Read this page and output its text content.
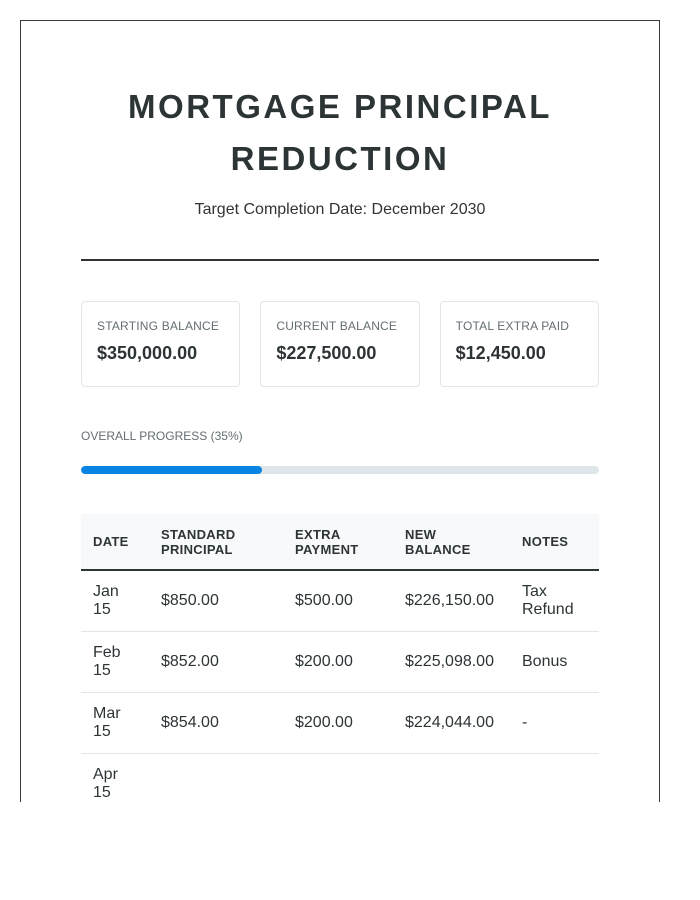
MORTGAGE PRINCIPAL REDUCTION
Target Completion Date: December 2030
STARTING BALANCE
$350,000.00
CURRENT BALANCE
$227,500.00
TOTAL EXTRA PAID
$12,450.00
OVERALL PROGRESS (35%)
DATE	STANDARD PRINCIPAL	EXTRA PAYMENT	NEW BALANCE	NOTES
Jan 15	$850.00	$500.00	$226,150.00	Tax Refund
Feb 15	$852.00	$200.00	$225,098.00	Bonus
Mar 15	$854.00	$200.00	$224,044.00	-
Apr 15				
